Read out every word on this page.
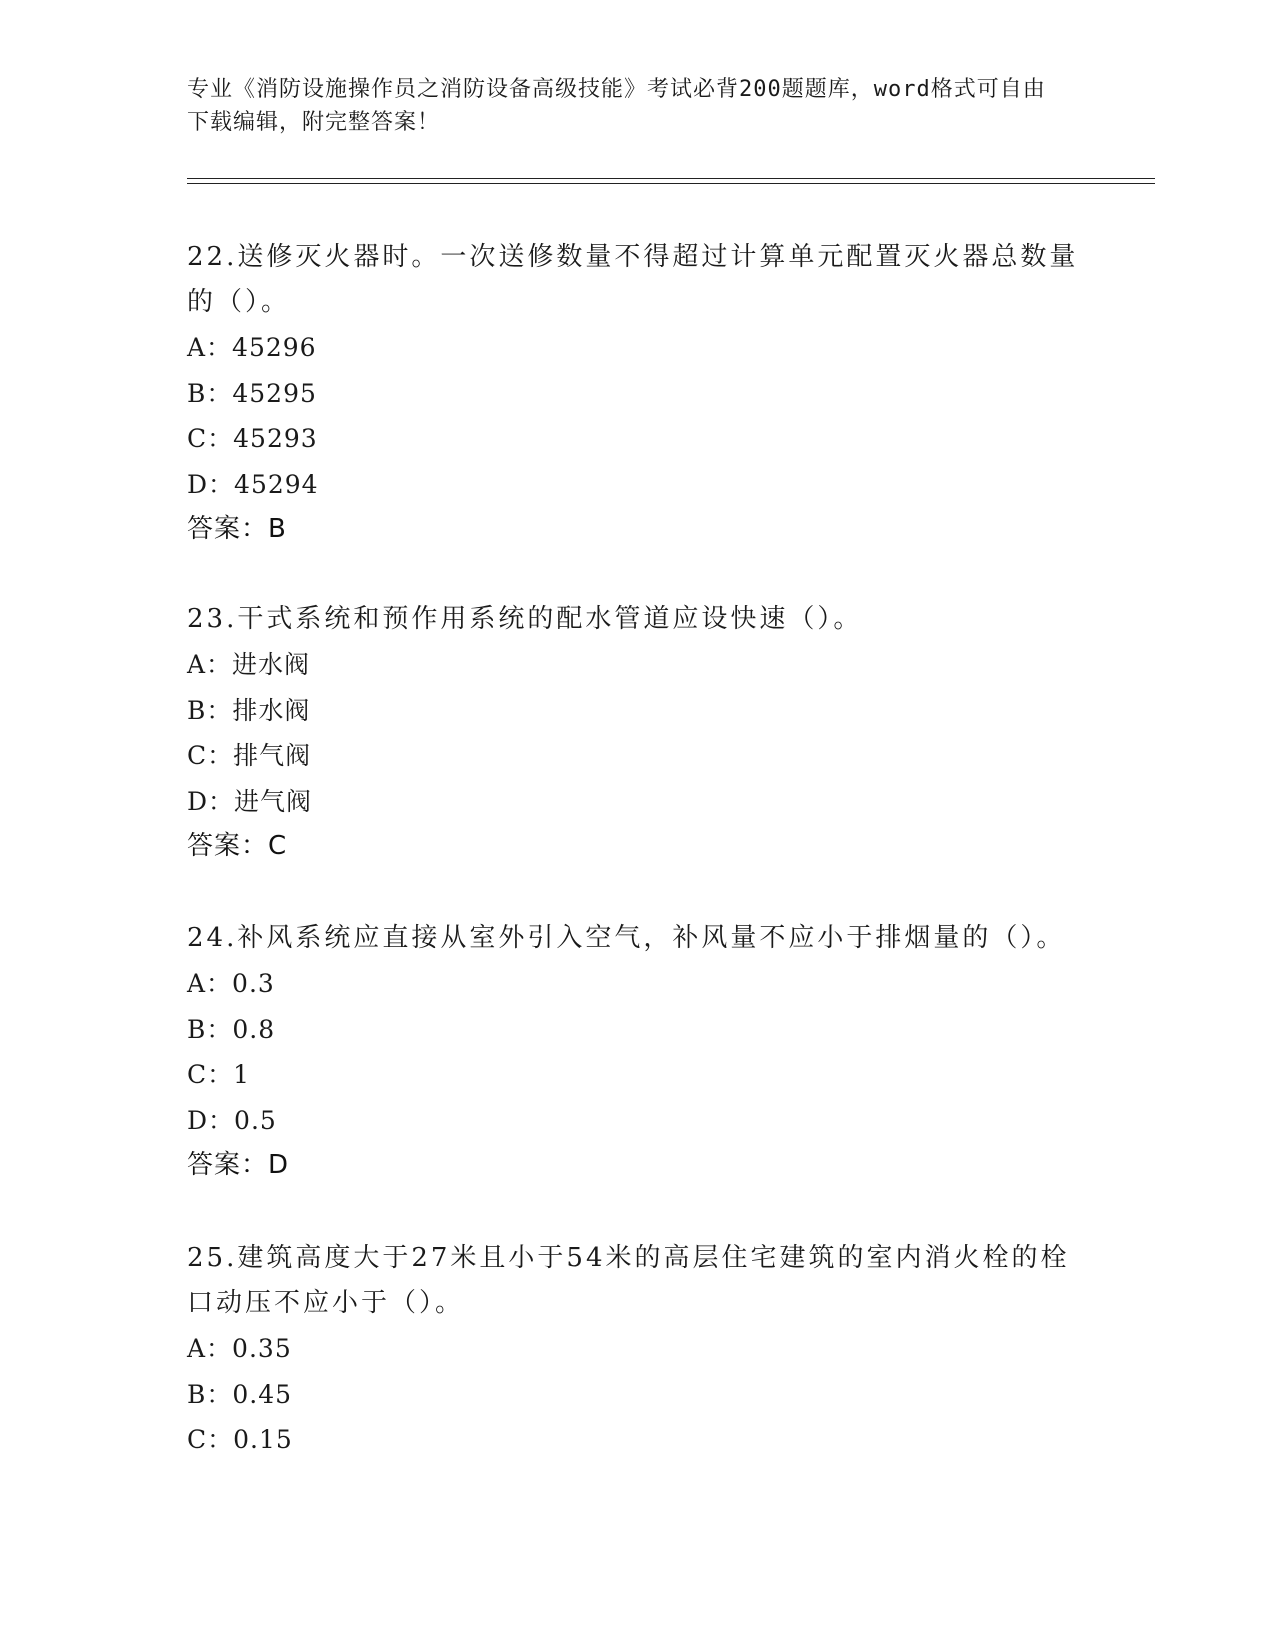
专业《消防设施操作员之消防设备高级技能》考试必背200题题库，word格式可自由下载编辑，附完整答案！

22.送修灭火器时。一次送修数量不得超过计算单元配置灭火器总数量的（）。

A：45296
B：45295
C：45293
D：45294

答案：B

23.干式系统和预作用系统的配水管道应设快速（）。

A：进水阀
B：排水阀
C：排气阀
D：进气阀

答案：C

24.补风系统应直接从室外引入空气，补风量不应小于排烟量的（）。

A：0.3
B：0.8
C：1
D：0.5

答案：D

25.建筑高度大于27米且小于54米的高层住宅建筑的室内消火栓的栓口动压不应小于（）。

A：0.35
B：0.45
C：0.15
